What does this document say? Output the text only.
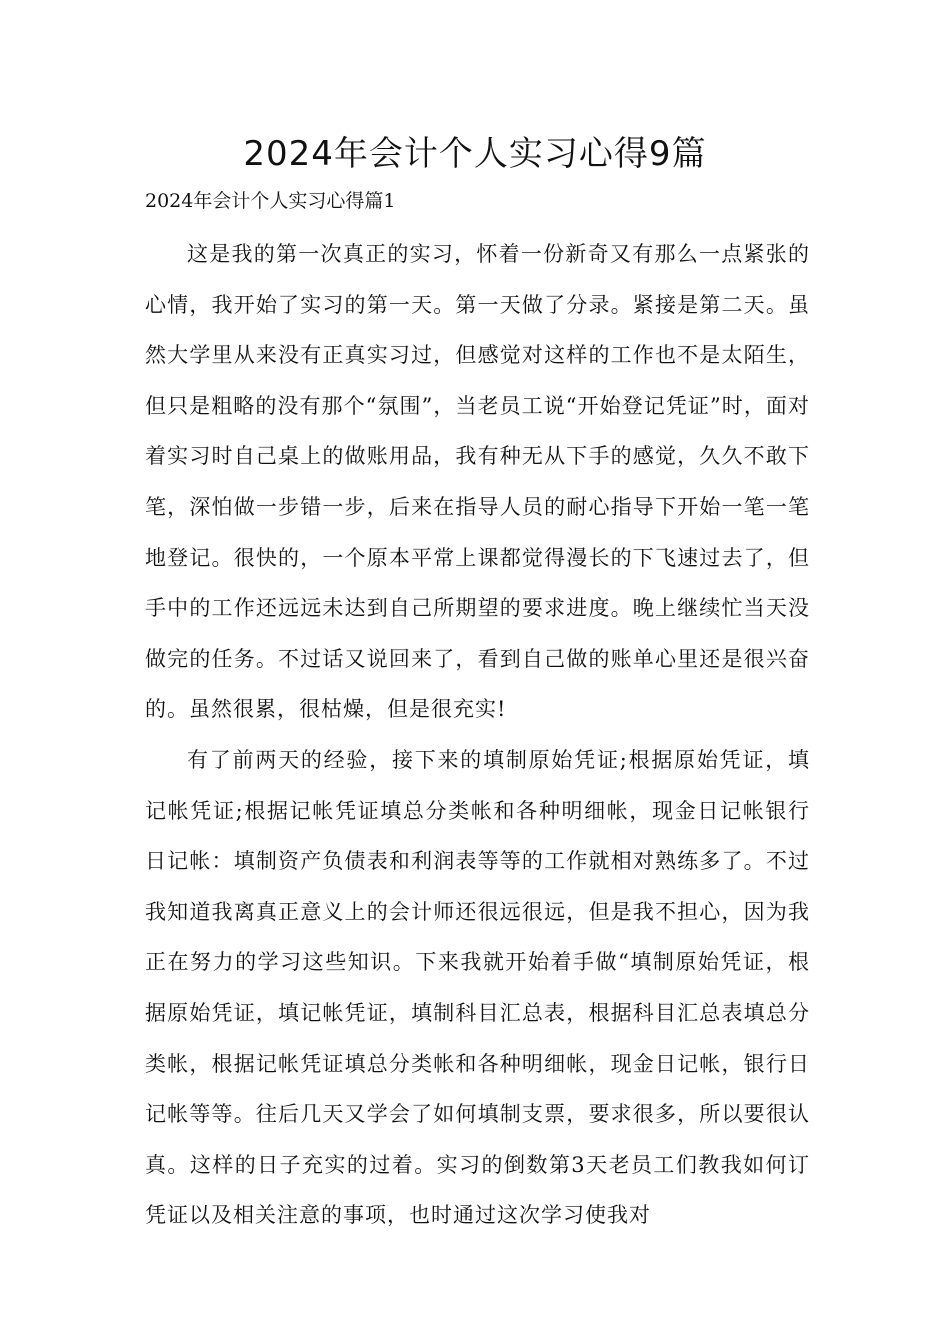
2024年会计个人实习心得9篇
2024年会计个人实习心得篇1

这是我的第一次真正的实习，怀着一份新奇又有那么一点紧张的心情，我开始了实习的第一天。第一天做了分录。紧接是第二天。虽然大学里从来没有正真实习过，但感觉对这样的工作也不是太陌生，但只是粗略的没有那个“氛围”，当老员工说“开始登记凭证”时，面对着实习时自己桌上的做账用品，我有种无从下手的感觉，久久不敢下笔，深怕做一步错一步，后来在指导人员的耐心指导下开始一笔一笔地登记。很快的，一个原本平常上课都觉得漫长的下飞速过去了，但手中的工作还远远未达到自己所期望的要求进度。晚上继续忙当天没做完的任务。不过话又说回来了，看到自己做的账单心里还是很兴奋的。虽然很累，很枯燥，但是很充实!

有了前两天的经验，接下来的填制原始凭证;根据原始凭证，填记帐凭证;根据记帐凭证填总分类帐和各种明细帐，现金日记帐银行日记帐：填制资产负债表和利润表等等的工作就相对熟练多了。不过我知道我离真正意义上的会计师还很远很远，但是我不担心，因为我正在努力的学习这些知识。下来我就开始着手做“填制原始凭证，根据原始凭证，填记帐凭证，填制科目汇总表，根据科目汇总表填总分类帐，根据记帐凭证填总分类帐和各种明细帐，现金日记帐，银行日记帐等等。往后几天又学会了如何填制支票，要求很多，所以要很认真。这样的日子充实的过着。实习的倒数第3天老员工们教我如何订凭证以及相关注意的事项，也时通过这次学习使我对
